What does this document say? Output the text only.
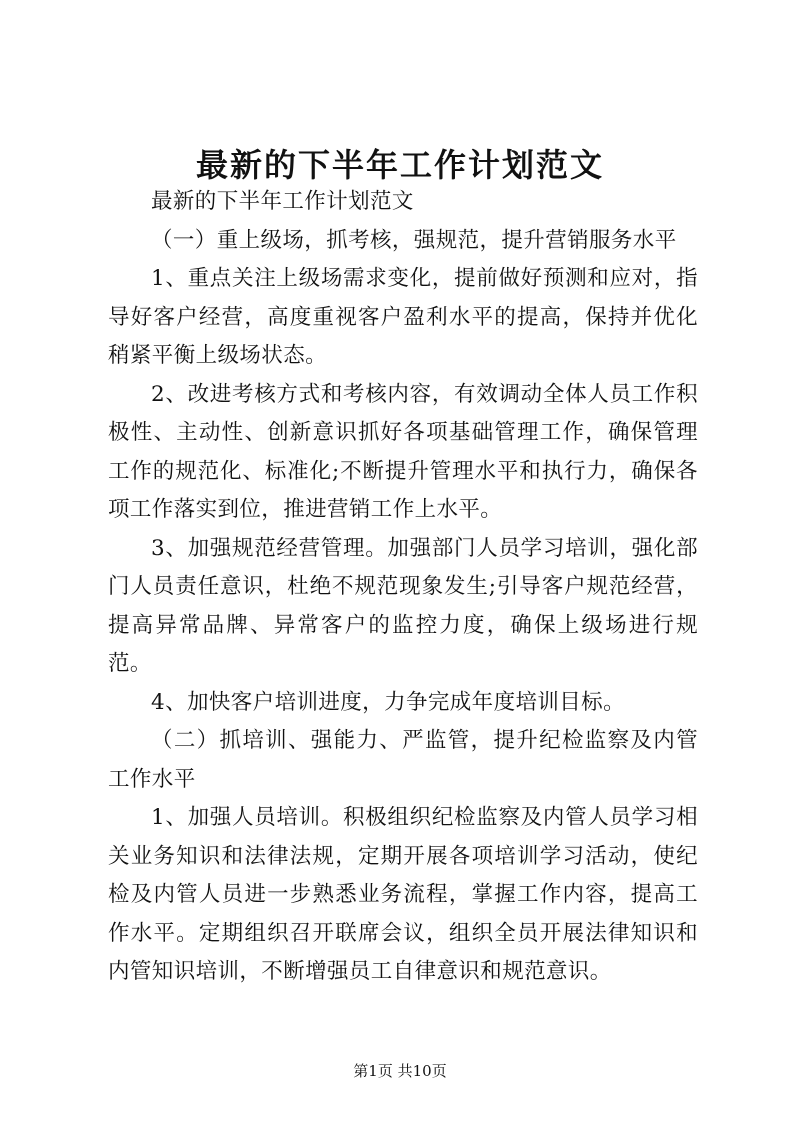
最新的下半年工作计划范文

最新的下半年工作计划范文

（一）重上级场，抓考核，强规范，提升营销服务水平

1、重点关注上级场需求变化，提前做好预测和应对，指导好客户经营，高度重视客户盈利水平的提高，保持并优化稍紧平衡上级场状态。

2、改进考核方式和考核内容，有效调动全体人员工作积极性、主动性、创新意识抓好各项基础管理工作，确保管理工作的规范化、标准化;不断提升管理水平和执行力，确保各项工作落实到位，推进营销工作上水平。

3、加强规范经营管理。加强部门人员学习培训，强化部门人员责任意识，杜绝不规范现象发生;引导客户规范经营，提高异常品牌、异常客户的监控力度，确保上级场进行规范。

4、加快客户培训进度，力争完成年度培训目标。

（二）抓培训、强能力、严监管，提升纪检监察及内管工作水平

1、加强人员培训。积极组织纪检监察及内管人员学习相关业务知识和法律法规，定期开展各项培训学习活动，使纪检及内管人员进一步熟悉业务流程，掌握工作内容，提高工作水平。定期组织召开联席会议，组织全员开展法律知识和内管知识培训，不断增强员工自律意识和规范意识。

第1页 共10页
